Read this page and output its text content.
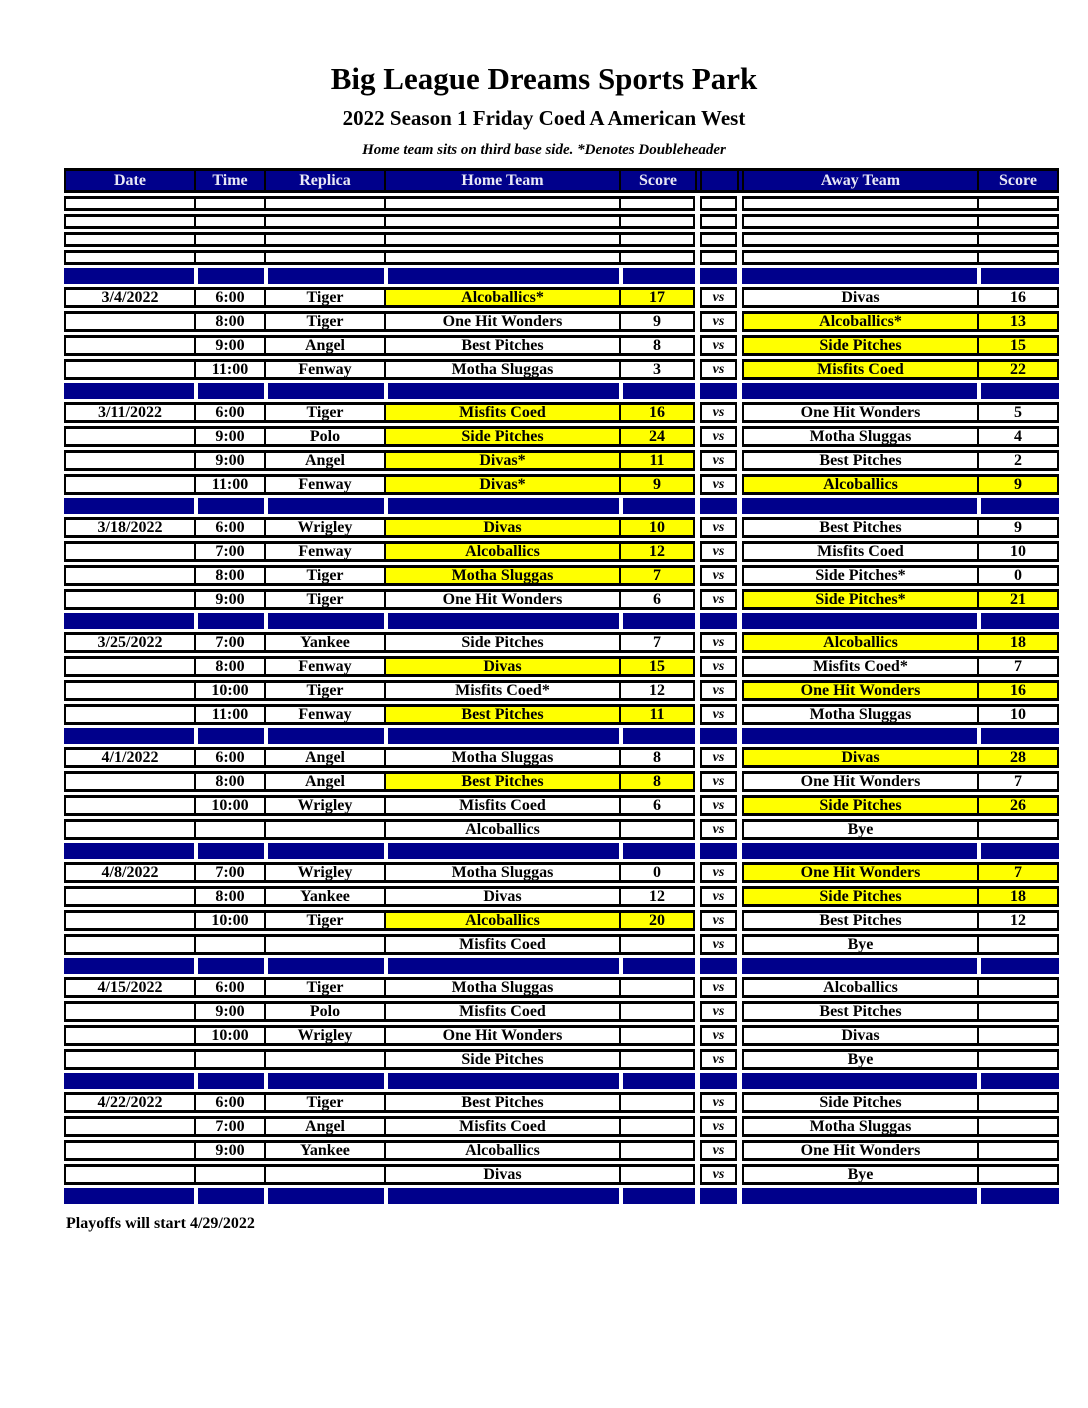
Big League Dreams Sports Park
2022 Season 1 Friday Coed A American West
Home team sits on third base side. *Denotes Doubleheader
Date	Time	Replica	Home Team	Score				Away Team	Score

3/4/2022	6:00	Tiger	Alcoballics*	17		vs		Divas	16
	8:00	Tiger	One Hit Wonders	9		vs		Alcoballics*	13
	9:00	Angel	Best Pitches	8		vs		Side Pitches	15
	11:00	Fenway	Motha Sluggas	3		vs		Misfits Coed	22

3/11/2022	6:00	Tiger	Misfits Coed	16		vs		One Hit Wonders	5
	9:00	Polo	Side Pitches	24		vs		Motha Sluggas	4
	9:00	Angel	Divas*	11		vs		Best Pitches	2
	11:00	Fenway	Divas*	9		vs		Alcoballics	9

3/18/2022	6:00	Wrigley	Divas	10		vs		Best Pitches	9
	7:00	Fenway	Alcoballics	12		vs		Misfits Coed	10
	8:00	Tiger	Motha Sluggas	7		vs		Side Pitches*	0
	9:00	Tiger	One Hit Wonders	6		vs		Side Pitches*	21

3/25/2022	7:00	Yankee	Side Pitches	7		vs		Alcoballics	18
	8:00	Fenway	Divas	15		vs		Misfits Coed*	7
	10:00	Tiger	Misfits Coed*	12		vs		One Hit Wonders	16
	11:00	Fenway	Best Pitches	11		vs		Motha Sluggas	10

4/1/2022	6:00	Angel	Motha Sluggas	8		vs		Divas	28
	8:00	Angel	Best Pitches	8		vs		One Hit Wonders	7
	10:00	Wrigley	Misfits Coed	6		vs		Side Pitches	26
			Alcoballics			vs		Bye	

4/8/2022	7:00	Wrigley	Motha Sluggas	0		vs		One Hit Wonders	7
	8:00	Yankee	Divas	12		vs		Side Pitches	18
	10:00	Tiger	Alcoballics	20		vs		Best Pitches	12
			Misfits Coed			vs		Bye	

4/15/2022	6:00	Tiger	Motha Sluggas			vs		Alcoballics	
	9:00	Polo	Misfits Coed			vs		Best Pitches	
	10:00	Wrigley	One Hit Wonders			vs		Divas	
			Side Pitches			vs		Bye	

4/22/2022	6:00	Tiger	Best Pitches			vs		Side Pitches	
	7:00	Angel	Misfits Coed			vs		Motha Sluggas	
	9:00	Yankee	Alcoballics			vs		One Hit Wonders	
			Divas			vs		Bye	

Playoffs will start 4/29/2022
